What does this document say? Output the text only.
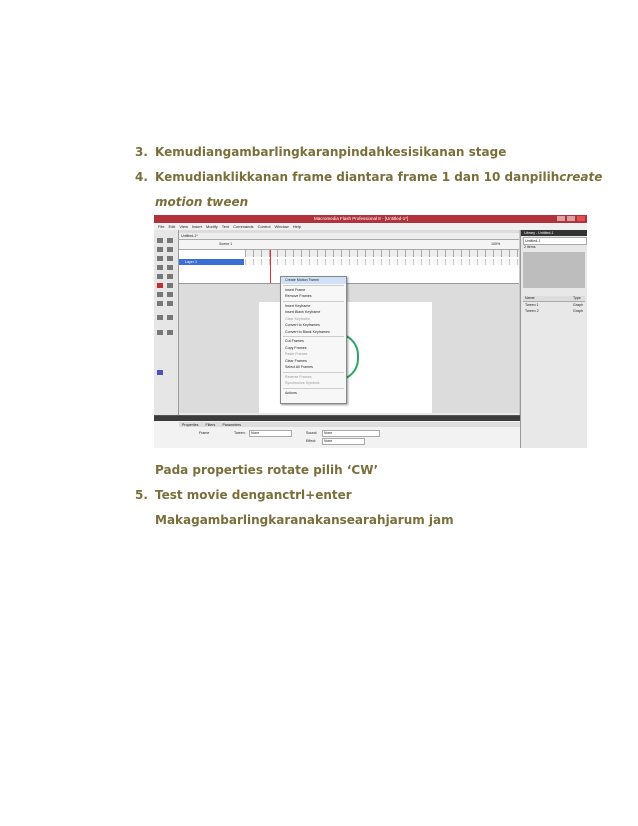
3. Kemudiangambarlingkaranpindahkesisikanan stage
4. Kemudianklikkanan frame diantara frame 1 dan 10 danpilihcreate
motion tween
Macromedia Flash Professional 8 - [Untitled-1*]
File Edit View Insert Modify Text Commands Control Window Help
Untitled-1*
Scene 1	100%
Layer 1
Create Motion Tween
Insert Frame
Remove Frames
Insert Keyframe
Insert Blank Keyframe
Clear Keyframe
Convert to Keyframes
Convert to Blank Keyframes
Cut Frames
Copy Frames
Paste Frames
Clear Frames
Select All Frames
Reverse Frames
Synchronize Symbols
Actions
Library - Untitled-1
Untitled-1
2 items
Name	Type
Tween 1	Graph
Tween 2	Graph
Properties Filters Parameters
Frame	Tween:	None	Sound:	None
Effect:	None
Pada properties rotate pilih ‘CW’
5. Test movie denganctrl+enter
Makagambarlingkaranakansearahjarum jam
